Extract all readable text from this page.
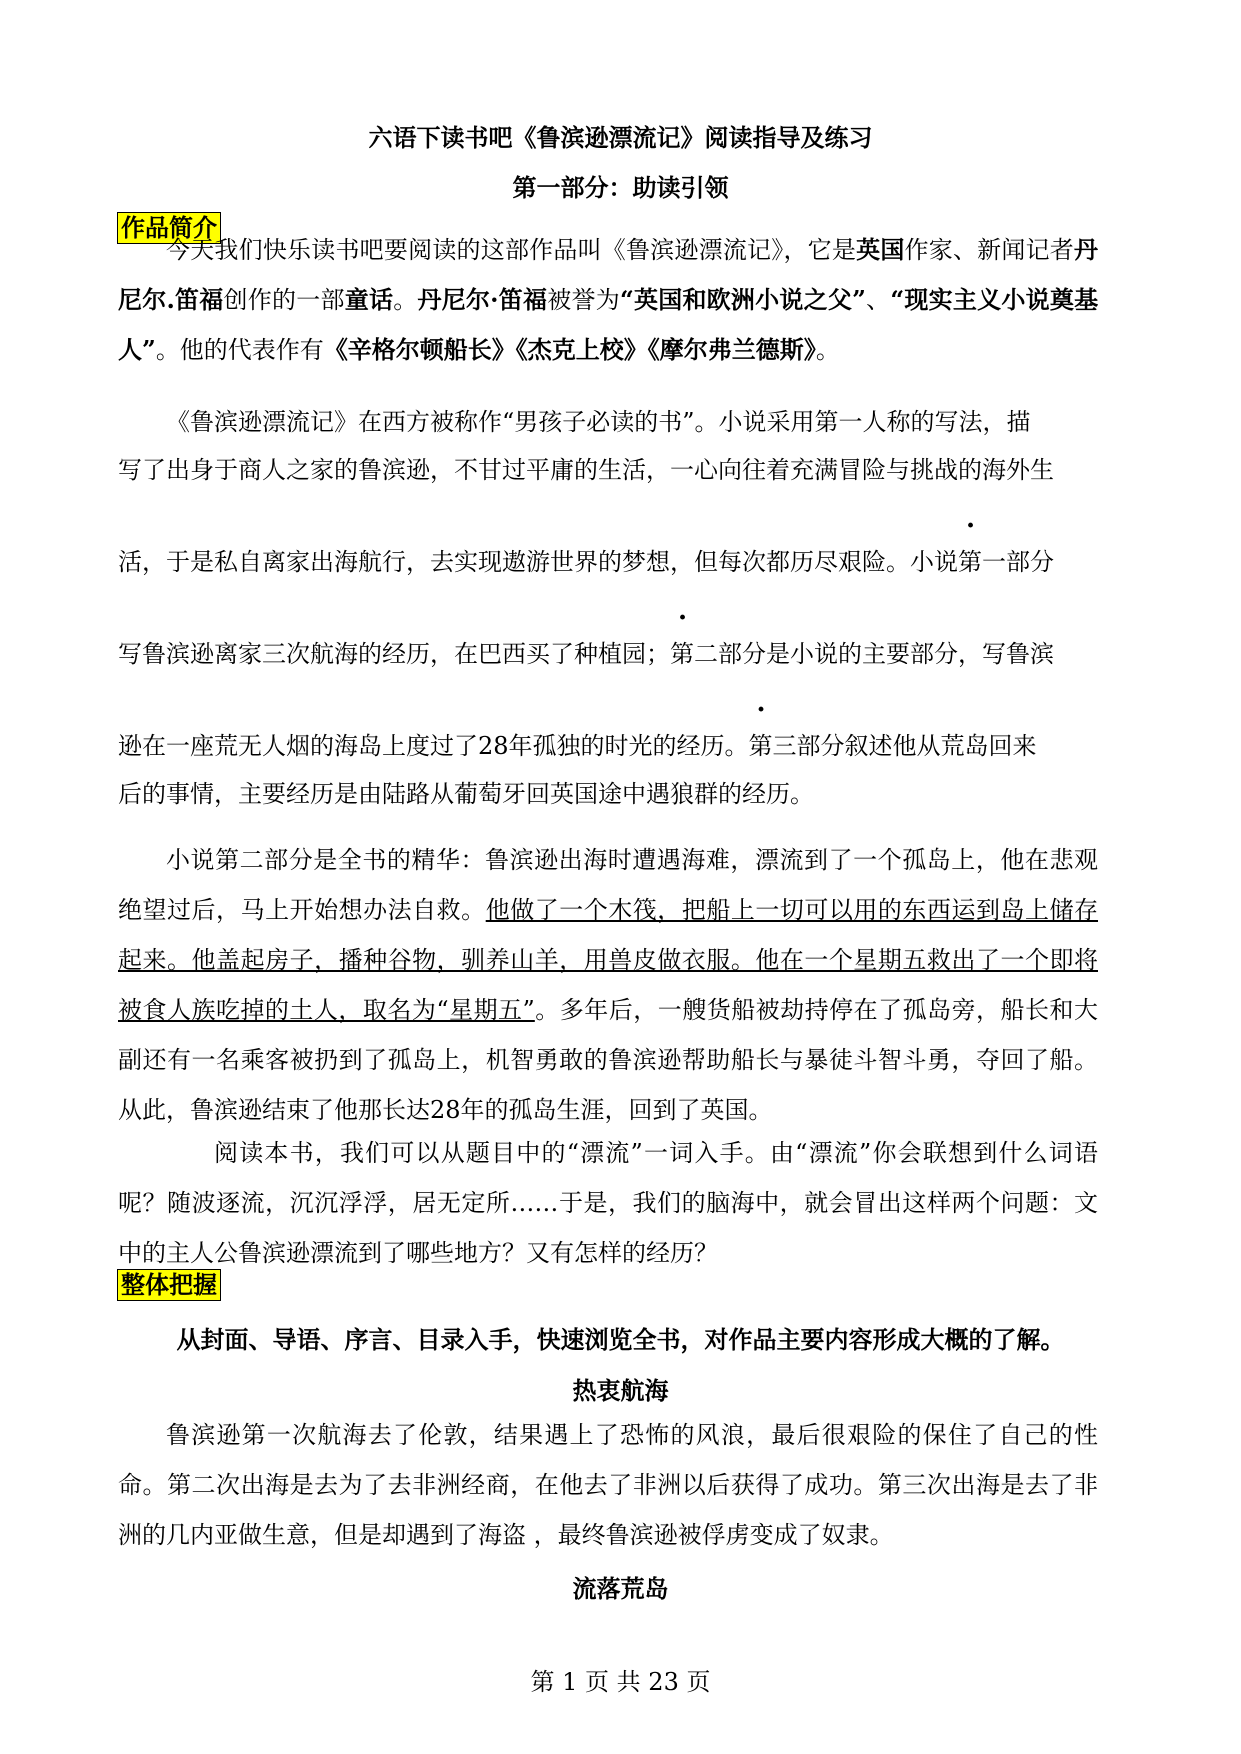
六语下读书吧《鲁滨逊漂流记》阅读指导及练习
第一部分：助读引领
作品简介
今天我们快乐读书吧要阅读的这部作品叫《鲁滨逊漂流记》，它是英国作家、新闻记者丹尼尔.笛福创作的一部童话。丹尼尔·笛福被誉为“英国和欧洲小说之父”、“现实主义小说奠基人”。他的代表作有《辛格尔顿船长》《杰克上校》《摩尔弗兰德斯》。
《鲁滨逊漂流记》在西方被称作“男孩子必读的书”。小说采用第一人称的写法，描
写了出身于商人之家的鲁滨逊，不甘过平庸的生活，一心向往着充满冒险与挑战的海外生
活，于是私自离家出海航行，去实现遨游世界的梦想，但每次都历尽艰险。小说第一部分
写鲁滨逊离家三次航海的经历，在巴西买了种植园；第二部分是小说的主要部分，写鲁滨
逊在一座荒无人烟的海岛上度过了28年孤独的时光的经历。第三部分叙述他从荒岛回来
后的事情，主要经历是由陆路从葡萄牙回英国途中遇狼群的经历。
小说第二部分是全书的精华：鲁滨逊出海时遭遇海难，漂流到了一个孤岛上，他在悲观绝望过后，马上开始想办法自救。他做了一个木筏，把船上一切可以用的东西运到岛上储存起来。他盖起房子，播种谷物，驯养山羊，用兽皮做衣服。他在一个星期五救出了一个即将被食人族吃掉的土人，取名为“星期五”。多年后，一艘货船被劫持停在了孤岛旁，船长和大副还有一名乘客被扔到了孤岛上，机智勇敢的鲁滨逊帮助船长与暴徒斗智斗勇，夺回了船。从此，鲁滨逊结束了他那长达28年的孤岛生涯，回到了英国。
阅读本书，我们可以从题目中的“漂流”一词入手。由“漂流”你会联想到什么词语呢？随波逐流，沉沉浮浮，居无定所……于是，我们的脑海中，就会冒出这样两个问题：文中的主人公鲁滨逊漂流到了哪些地方？又有怎样的经历？
整体把握
从封面、导语、序言、目录入手，快速浏览全书，对作品主要内容形成大概的了解。
热衷航海
鲁滨逊第一次航海去了伦敦，结果遇上了恐怖的风浪，最后很艰险的保住了自己的性命。第二次出海是去为了去非洲经商，在他去了非洲以后获得了成功。第三次出海是去了非洲的几内亚做生意，但是却遇到了海盗 ，最终鲁滨逊被俘虏变成了奴隶。
流落荒岛
第 1 页 共 23 页
